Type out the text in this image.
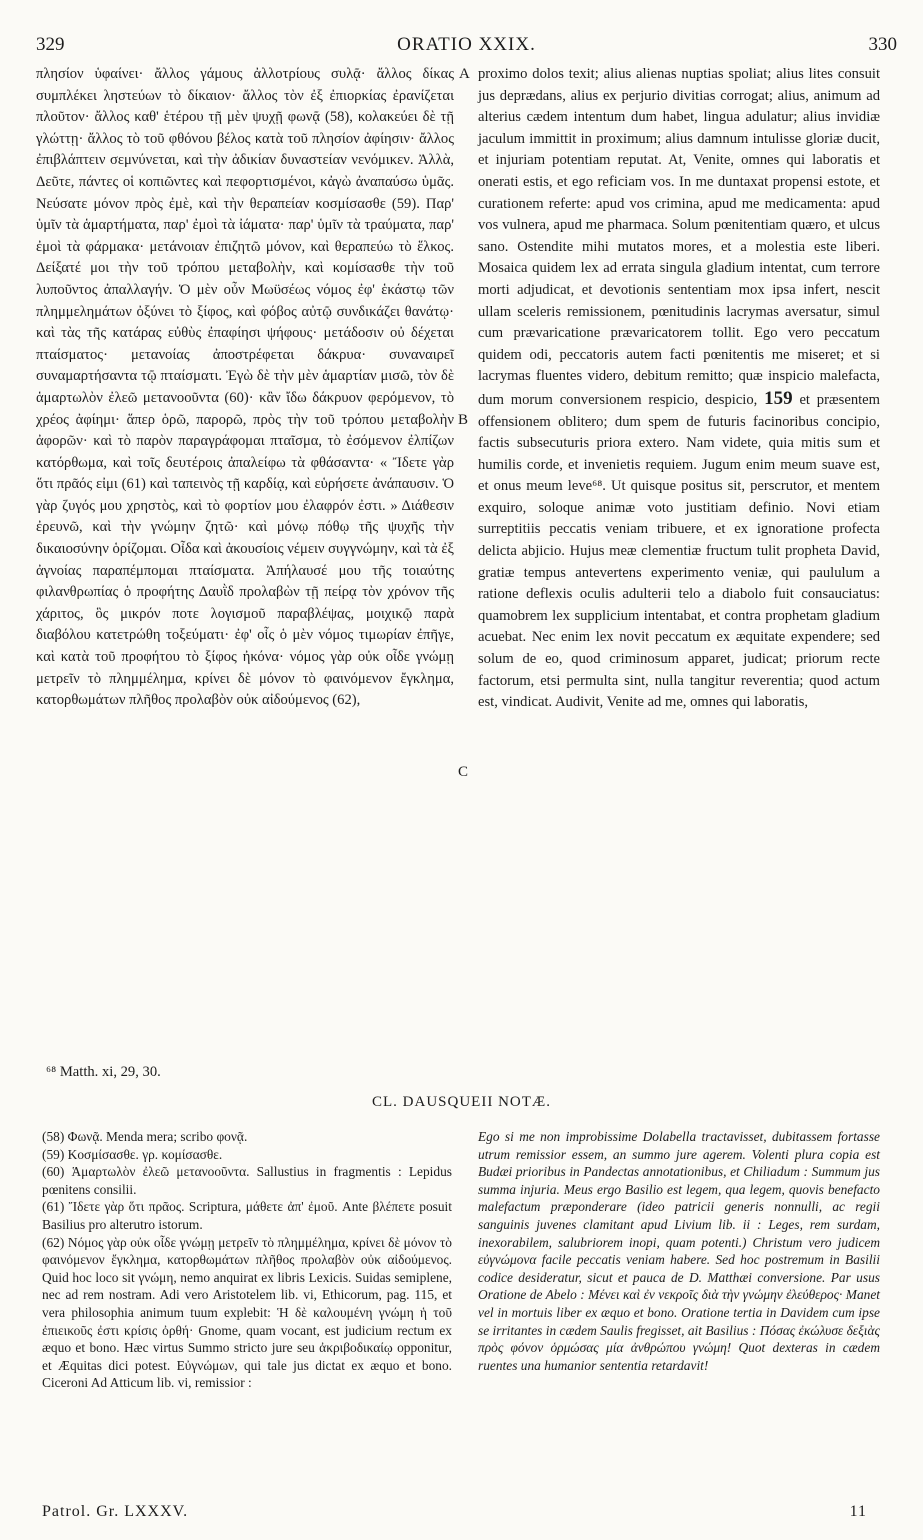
329	ORATIO XXIX.	330

πλησίον ὑφαίνει· ἄλλος γάμους ἀλλοτρίους συλᾷ· ἄλλος δίκας συμπλέκει ληστεύων τὸ δίκαιον· ἄλλος τὸν ἐξ ἐπιορκίας ἐρανίζεται πλοῦτον· ἄλλος καθ' ἑτέρου τῇ μὲν ψυχῇ φωνᾷ (58), κολακεύει δὲ τῇ γλώττῃ· ἄλλος τὸ τοῦ φθόνου βέλος κατὰ τοῦ πλησίον ἀφίησιν· ἄλλος ἐπιβλάπτειν σεμνύνεται, καὶ τὴν ἀδικίαν δυναστείαν νενόμικεν. Ἀλλὰ, Δεῦτε, πάντες οἱ κοπιῶντες καὶ πεφορτισμένοι, κἀγὼ ἀναπαύσω ὑμᾶς. Νεύσατε μόνον πρὸς ἐμὲ, καὶ τὴν θεραπείαν κοσμίσασθε (59). Παρ' ὑμῖν τὰ ἁμαρτήματα, παρ' ἐμοὶ τὰ ἰάματα· παρ' ὑμῖν τὰ τραύματα, παρ' ἐμοὶ τὰ φάρμακα· μετάνοιαν ἐπιζητῶ μόνον, καὶ θεραπεύω τὸ ἕλκος. Δείξατέ μοι τὴν τοῦ τρόπου μεταβολὴν, καὶ κομίσασθε τὴν τοῦ λυποῦντος ἀπαλλαγήν. Ὁ μὲν οὖν Μωϋσέως νόμος ἐφ' ἑκάστῳ τῶν πλημμελημάτων ὀξύνει τὸ ξίφος, καὶ φόβος αὐτῷ συνδικάζει θανάτῳ· καὶ τὰς τῆς κατάρας εὐθὺς ἐπαφίησι ψήφους· μετάδοσιν οὐ δέχεται πταίσματος· μετανοίας ἀποστρέφεται δάκρυα· συναναιρεῖ συναμαρτήσαντα τῷ πταίσματι. Ἐγὼ δὲ τὴν μὲν ἁμαρτίαν μισῶ, τὸν δὲ ἁμαρτωλὸν ἐλεῶ μετανοοῦντα (60)· κἂν ἴδω δάκρυον φερόμενον, τὸ χρέος ἀφίημι· ἅπερ ὁρῶ, παρορῶ, πρὸς τὴν τοῦ τρόπου μεταβολὴν ἀφορῶν· καὶ τὸ παρὸν παραγράφομαι πταῖσμα, τὸ ἐσόμενον ἐλπίζων κατόρθωμα, καὶ τοῖς δευτέροις ἀπαλείφω τὰ φθάσαντα· « Ἴδετε γὰρ ὅτι πρᾶός εἰμι (61) καὶ ταπεινὸς τῇ καρδίᾳ, καὶ εὑρήσετε ἀνάπαυσιν. Ὁ γὰρ ζυγός μου χρηστὸς, καὶ τὸ φορτίον μου ἐλαφρόν ἐστι. » Διάθεσιν ἐρευνῶ, καὶ τὴν γνώμην ζητῶ· καὶ μόνῳ πόθῳ τῆς ψυχῆς τὴν δικαιοσύνην ὁρίζομαι. Οἶδα καὶ ἀκουσίοις νέμειν συγγνώμην, καὶ τὰ ἐξ ἀγνοίας παραπέμπομαι πταίσματα. Ἀπήλαυσέ μου τῆς τοιαύτης φιλανθρωπίας ὁ προφήτης Δαυῒδ προλαβὼν τῇ πείρᾳ τὸν χρόνον τῆς χάριτος, ὃς μικρόν ποτε λογισμοῦ παραβλέψας, μοιχικῷ παρὰ διαβόλου κατετρώθη τοξεύματι· ἐφ' οἷς ὁ μὲν νόμος τιμωρίαν ἐπῆγε, καὶ κατὰ τοῦ προφήτου τὸ ξίφος ἠκόνα· νόμος γὰρ οὐκ οἶδε γνώμῃ μετρεῖν τὸ πλημμέλημα, κρίνει δὲ μόνον τὸ φαινόμενον ἔγκλημα, κατορθωμάτων πλῆθος προλαβὸν οὐκ αἰδούμενος (62),

A
B
C

proximo dolos texit; alius alienas nuptias spoliat; alius lites consuit jus deprædans, alius ex perjurio divitias corrogat; alius, animum ad alterius cædem intentum dum habet, lingua adulatur; alius invidiæ jaculum immittit in proximum; alius damnum intulisse gloriæ ducit, et injuriam potentiam reputat. At, Venite, omnes qui laboratis et onerati estis, et ego reficiam vos. In me duntaxat propensi estote, et curationem referte: apud vos crimina, apud me medicamenta: apud vos vulnera, apud me pharmaca. Solum pœnitentiam quæro, et ulcus sano. Ostendite mihi mutatos mores, et a molestia este liberi. Mosaica quidem lex ad errata singula gladium intentat, cum terrore morti adjudicat, et devotionis sententiam mox ipsa infert, nescit ullam sceleris remissionem, pœnitudinis lacrymas aversatur, simul cum prævaricatione prævaricatorem tollit. Ego vero peccatum quidem odi, peccatoris autem facti pœnitentis me miseret; et si lacrymas fluentes videro, debitum remitto; quæ inspicio malefacta, dum morum conversionem respicio, despicio, 159 et præsentem offensionem oblitero; dum spem de futuris facinoribus concipio, factis subsecuturis priora extero. Nam videte, quia mitis sum et humilis corde, et invenietis requiem. Jugum enim meum suave est, et onus meum leve⁶⁸. Ut quisque positus sit, perscrutor, et mentem exquiro, soloque animæ voto justitiam definio. Novi etiam surreptitiis peccatis veniam tribuere, et ex ignoratione profecta delicta abjicio. Hujus meæ clementiæ fructum tulit propheta David, gratiæ tempus antevertens experimento veniæ, qui paululum a ratione deflexis oculis adulterii telo a diabolo fuit consauciatus: quamobrem lex supplicium intentabat, et contra prophetam gladium acuebat. Nec enim lex novit peccatum ex æquitate expendere; sed solum de eo, quod criminosum apparet, judicat; priorum recte factorum, etsi permulta sint, nulla tangitur reverentia; quod actum est, vindicat. Audivit, Venite ad me, omnes qui laboratis,

⁶⁸ Matth. xi, 29, 30.
CL. DAUSQUEII NOTÆ.

(58) Φωνᾷ. Menda mera; scribo φονᾷ.

(59) Κοσμίσασθε. γρ. κομίσασθε.

(60) Ἁμαρτωλὸν ἐλεῶ μετανοοῦντα. Sallustius in fragmentis : Lepidus pœnitens consilii.

(61) Ἴδετε γὰρ ὅτι πρᾶος. Scriptura, μάθετε ἀπ' ἐμοῦ. Ante βλέπετε posuit Basilius pro alterutro istorum.

(62) Νόμος γὰρ οὐκ οἶδε γνώμῃ μετρεῖν τὸ πλημμέλημα, κρίνει δὲ μόνον τὸ φαινόμενον ἔγκλημα, κατορθωμάτων πλῆθος προλαβὸν οὐκ αἰδούμενος. Quid hoc loco sit γνώμη, nemo anquirat ex libris Lexicis. Suidas semiplene, nec ad rem nostram. Adi vero Aristotelem lib. vi, Ethicorum, pag. 115, et vera philosophia animum tuum explebit: Ἡ δὲ καλουμένη γνώμη ἡ τοῦ ἐπιεικοῦς ἐστι κρίσις ὀρθή· Gnome, quam vocant, est judicium rectum ex æquo et bono. Hæc virtus Summo stricto jure seu ἀκριβοδικαίῳ opponitur, et Æquitas dici potest. Εὐγνώμων, qui tale jus dictat ex æquo et bono. Ciceroni Ad Atticum lib. vi, remissior :

Ego si me non improbissime Dolabella tractavisset, dubitassem fortasse utrum remissior essem, an summo jure agerem. Volenti plura copia est Budæi prioribus in Pandectas annotationibus, et Chiliadum : Summum jus summa injuria. Meus ergo Basilio est legem, qua legem, quovis benefacto malefactum præponderare (ideo patricii generis nonnulli, ac regii sanguinis juvenes clamitant apud Livium lib. ii : Leges, rem surdam, inexorabilem, salubriorem inopi, quam potenti.) Christum vero judicem εὐγνώμονα facile peccatis veniam habere. Sed hoc postremum in Basilii codice desideratur, sicut et pauca de D. Matthæi conversione. Par usus Oratione de Abelo : Μένει καὶ ἐν νεκροῖς διὰ τὴν γνώμην ἐλεύθερος· Manet vel in mortuis liber ex æquo et bono. Oratione tertia in Davidem cum ipse se irritantes in cædem Saulis fregisset, ait Basilius : Πόσας ἐκώλυσε δεξιὰς πρὸς φόνον ὁρμώσας μία ἀνθρώπου γνώμη! Quot dexteras in cædem ruentes una humanior sententia retardavit!

Patrol. Gr. LXXXV.	11
